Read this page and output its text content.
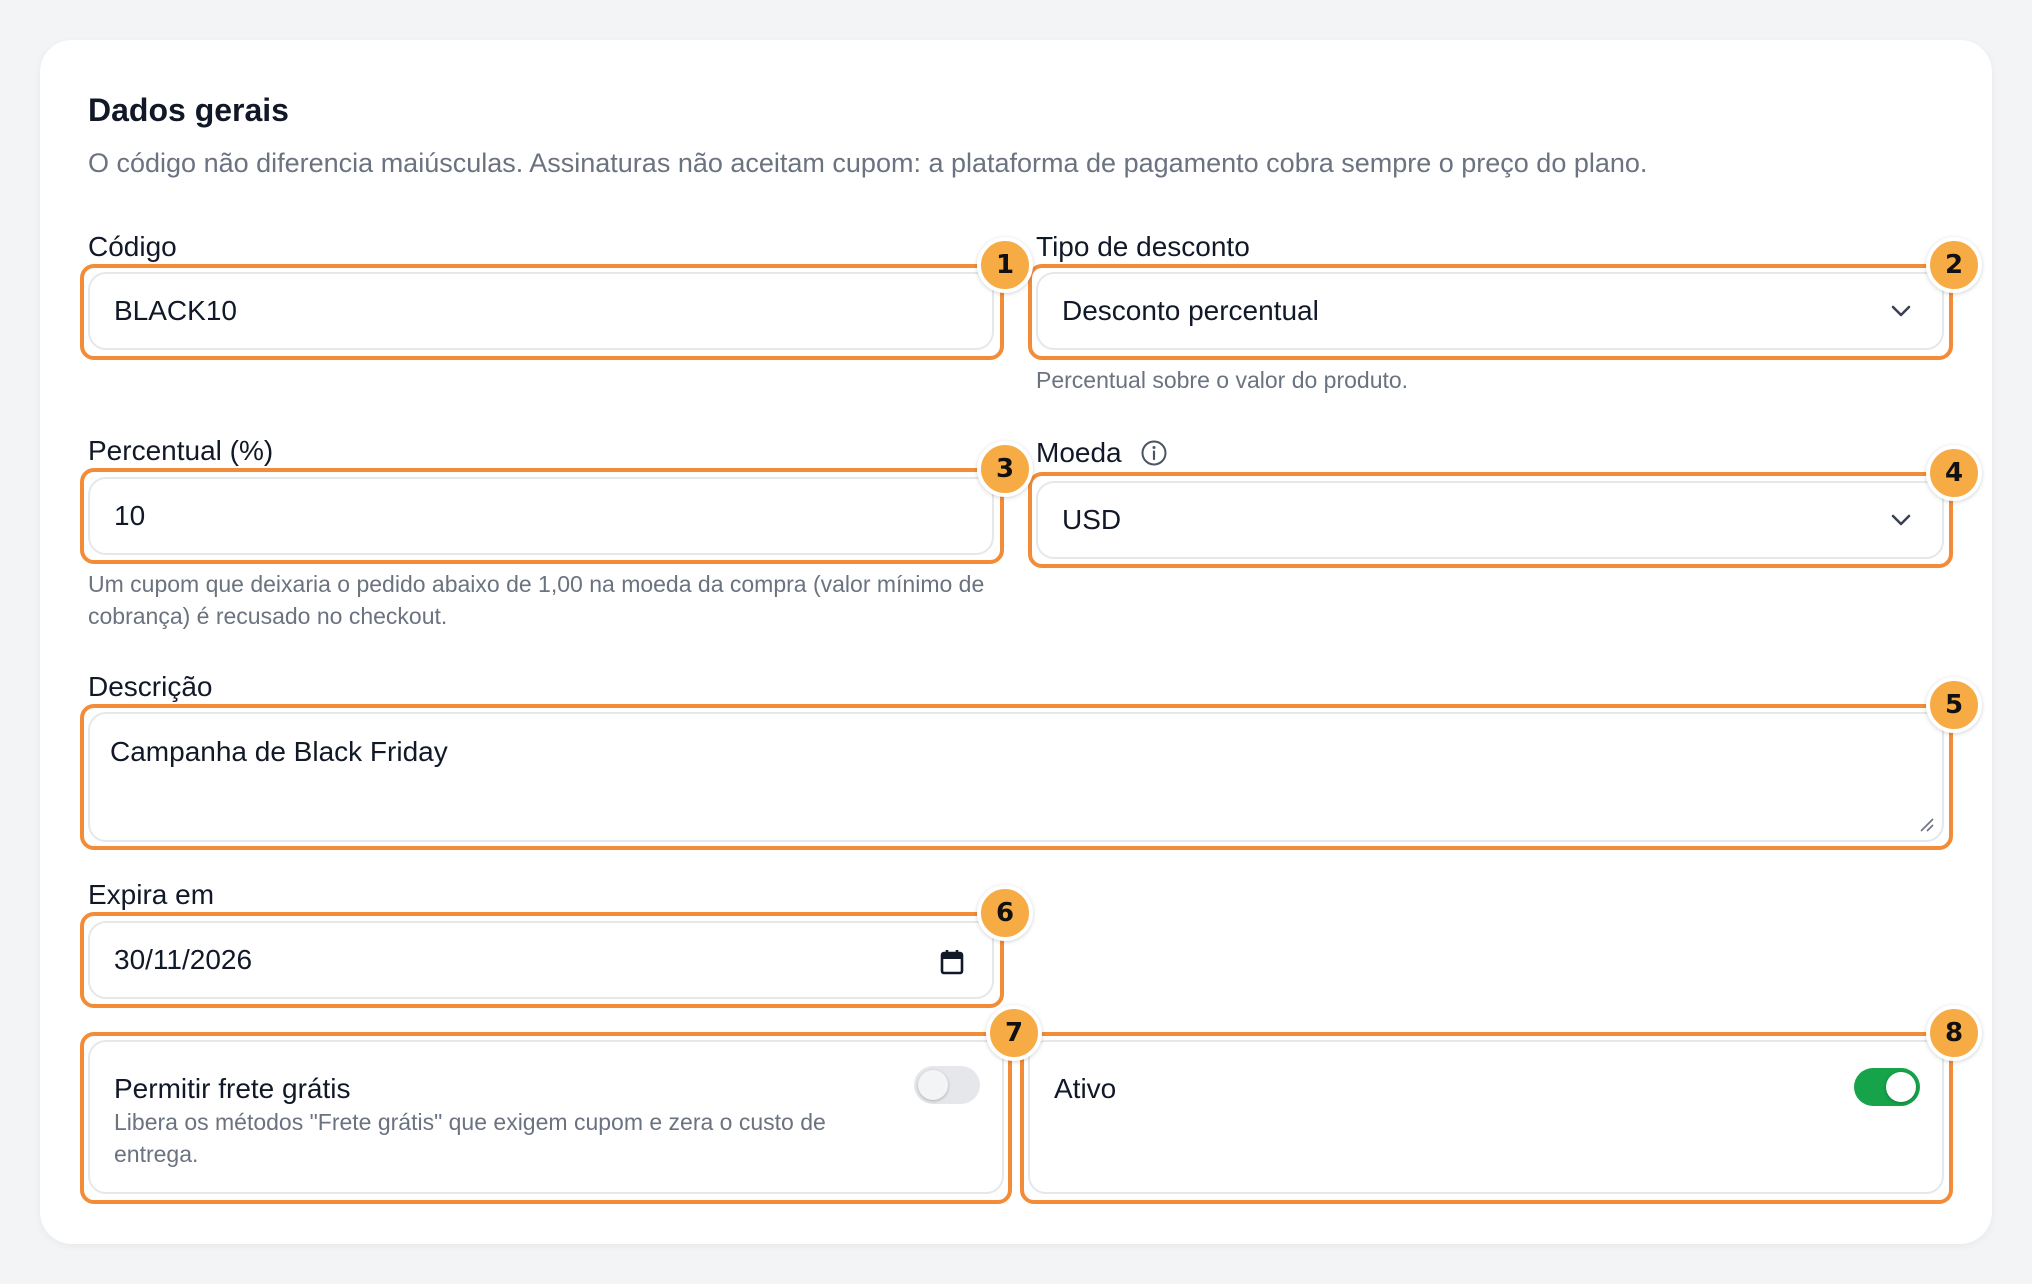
Dados gerais
O código não diferencia maiúsculas. Assinaturas não aceitam cupom: a plataforma de pagamento cobra sempre o preço do plano.
Código
BLACK10
Tipo de desconto
Desconto percentual
Percentual sobre o valor do produto.
Percentual (%)
10
Um cupom que deixaria o pedido abaixo de 1,00 na moeda da compra (valor mínimo de cobrança) é recusado no checkout.
Moeda
USD
Descrição
Campanha de Black Friday
Expira em
30/11/2026
Permitir frete grátis
Libera os métodos "Frete grátis" que exigem cupom e zera o custo de entrega.
Ativo
1	2
3	4
5
6
7	8
